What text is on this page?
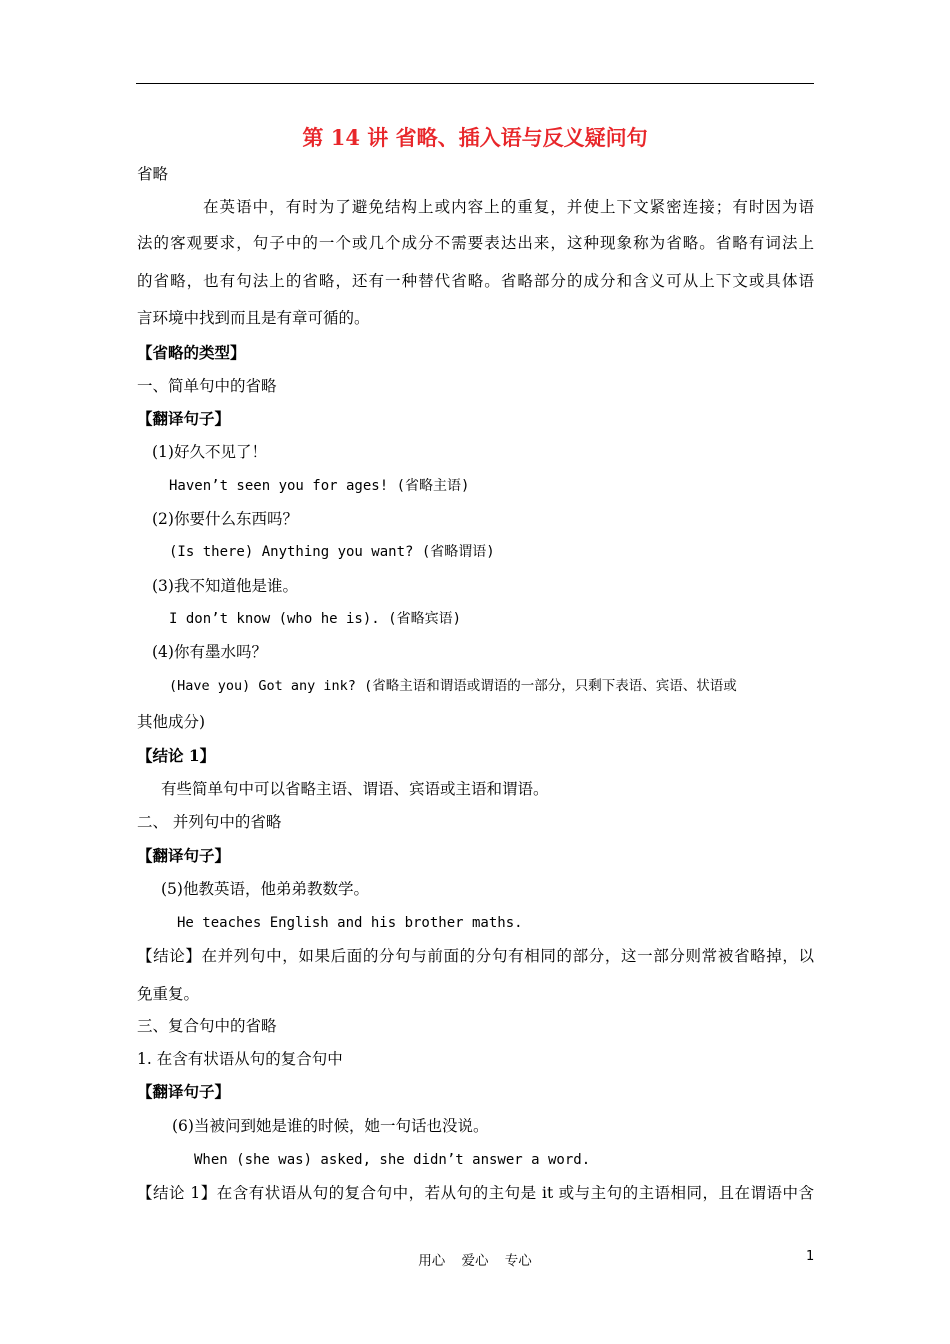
第 14 讲 省略、插入语与反义疑问句
省略
在英语中，有时为了避免结构上或内容上的重复，并使上下文紧密连接；有时因为语
法的客观要求，句子中的一个或几个成分不需要表达出来，这种现象称为省略。省略有词法上
的省略，也有句法上的省略，还有一种替代省略。省略部分的成分和含义可从上下文或具体语
言环境中找到而且是有章可循的。
【省略的类型】
一、简单句中的省略
【翻译句子】
(1)好久不见了！
Haven’t seen you for ages! (省略主语)
(2)你要什么东西吗？
(Is there) Anything you want? (省略谓语)
(3)我不知道他是谁。
I don’t know (who he is). (省略宾语)
(4)你有墨水吗？
(Have you) Got any ink? (省略主语和谓语或谓语的一部分，只剩下表语、宾语、状语或
其他成分)
【结论 1】
有些简单句中可以省略主语、谓语、宾语或主语和谓语。
二、 并列句中的省略
【翻译句子】
(5)他教英语，他弟弟教数学。
He teaches English and his brother maths.
【结论】在并列句中，如果后面的分句与前面的分句有相同的部分，这一部分则常被省略掉，以
免重复。
三、复合句中的省略
1. 在含有状语从句的复合句中
【翻译句子】
(6)当被问到她是谁的时候，她一句话也没说。
When (she was) asked, she didn’t answer a word.
【结论 1】在含有状语从句的复合句中，若从句的主句是 it 或与主句的主语相同，且在谓语中含
用心 爱心 专心	1
